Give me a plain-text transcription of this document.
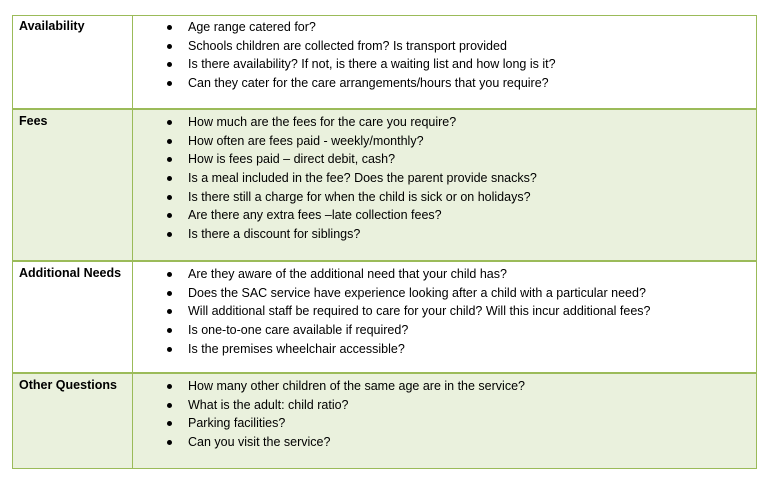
Availability	Age range catered for?
Schools children are collected from? Is transport provided
Is there availability? If not, is there a waiting list and how long is it?
Can they cater for the care arrangements/hours that you require?
Fees	How much are the fees for the care you require?
How often are fees paid - weekly/monthly?
How is fees paid – direct debit, cash?
Is a meal included in the fee? Does the parent provide snacks?
Is there still a charge for when the child is sick or on holidays?
Are there any extra fees –late collection fees?
Is there a discount for siblings?
Additional Needs	Are they aware of the additional need that your child has?
Does the SAC service have experience looking after a child with a particular need?
Will additional staff be required to care for your child? Will this incur additional fees?
Is one-to-one care available if required?
Is the premises wheelchair accessible?
Other Questions	How many other children of the same age are in the service?
What is the adult: child ratio?
Parking facilities?
Can you visit the service?
